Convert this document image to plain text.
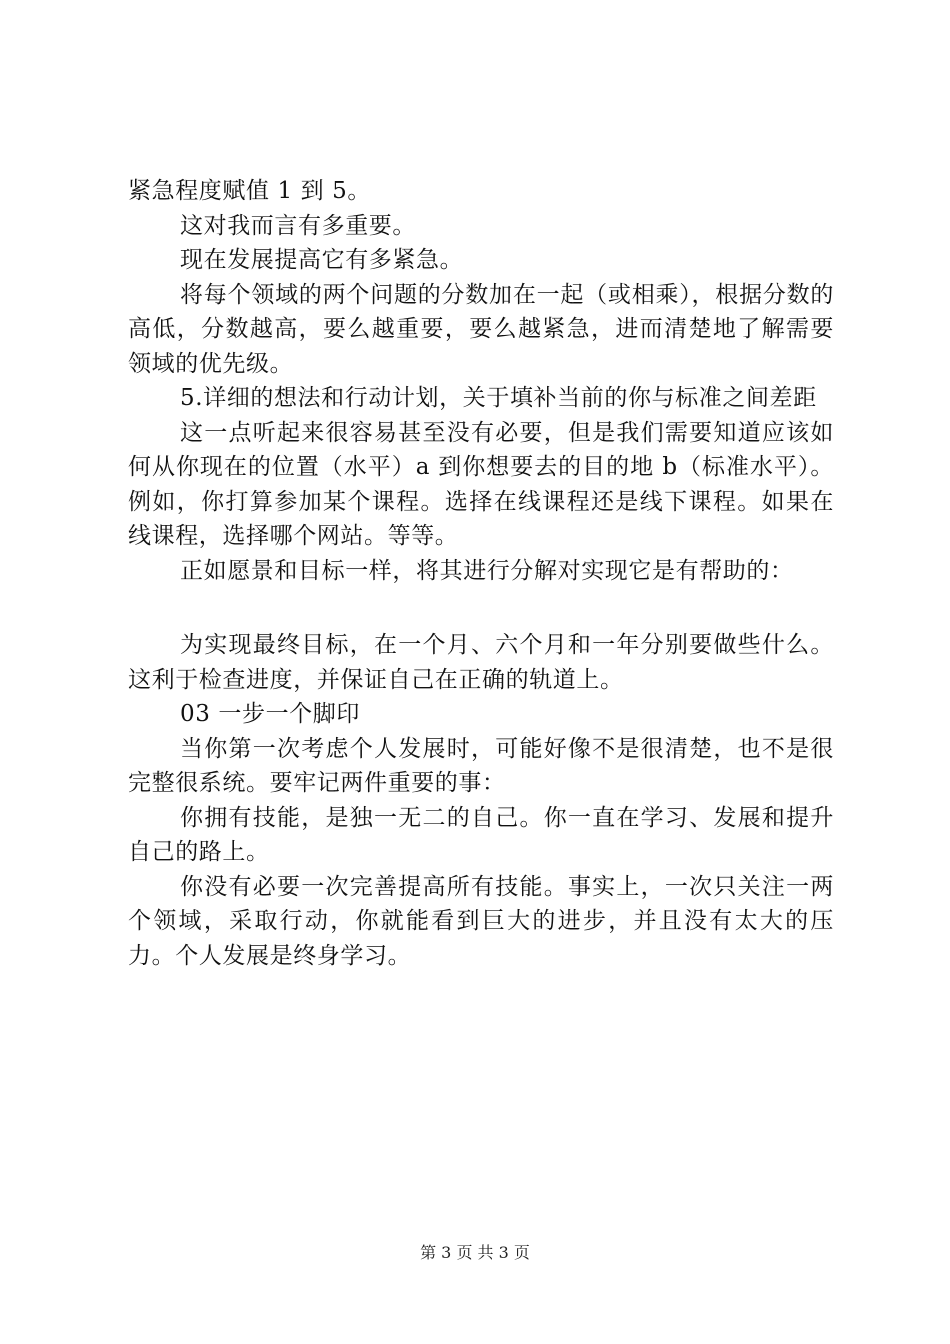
紧急程度赋值 1 到 5。

这对我而言有多重要。

现在发展提高它有多紧急。

将每个领域的两个问题的分数加在一起（或相乘），根据分数的高低，分数越高，要么越重要，要么越紧急，进而清楚地了解需要领域的优先级。

5.详细的想法和行动计划，关于填补当前的你与标准之间差距

这一点听起来很容易甚至没有必要，但是我们需要知道应该如何从你现在的位置（水平）a 到你想要去的目的地 b（标准水平）。例如，你打算参加某个课程。选择在线课程还是线下课程。如果在线课程，选择哪个网站。等等。

正如愿景和目标一样，将其进行分解对实现它是有帮助的：

为实现最终目标，在一个月、六个月和一年分别要做些什么。这利于检查进度，并保证自己在正确的轨道上。

03 一步一个脚印

当你第一次考虑个人发展时，可能好像不是很清楚，也不是很完整很系统。要牢记两件重要的事：

你拥有技能，是独一无二的自己。你一直在学习、发展和提升自己的路上。

你没有必要一次完善提高所有技能。事实上，一次只关注一两个领域，采取行动，你就能看到巨大的进步，并且没有太大的压力。个人发展是终身学习。

第 3 页 共 3 页
